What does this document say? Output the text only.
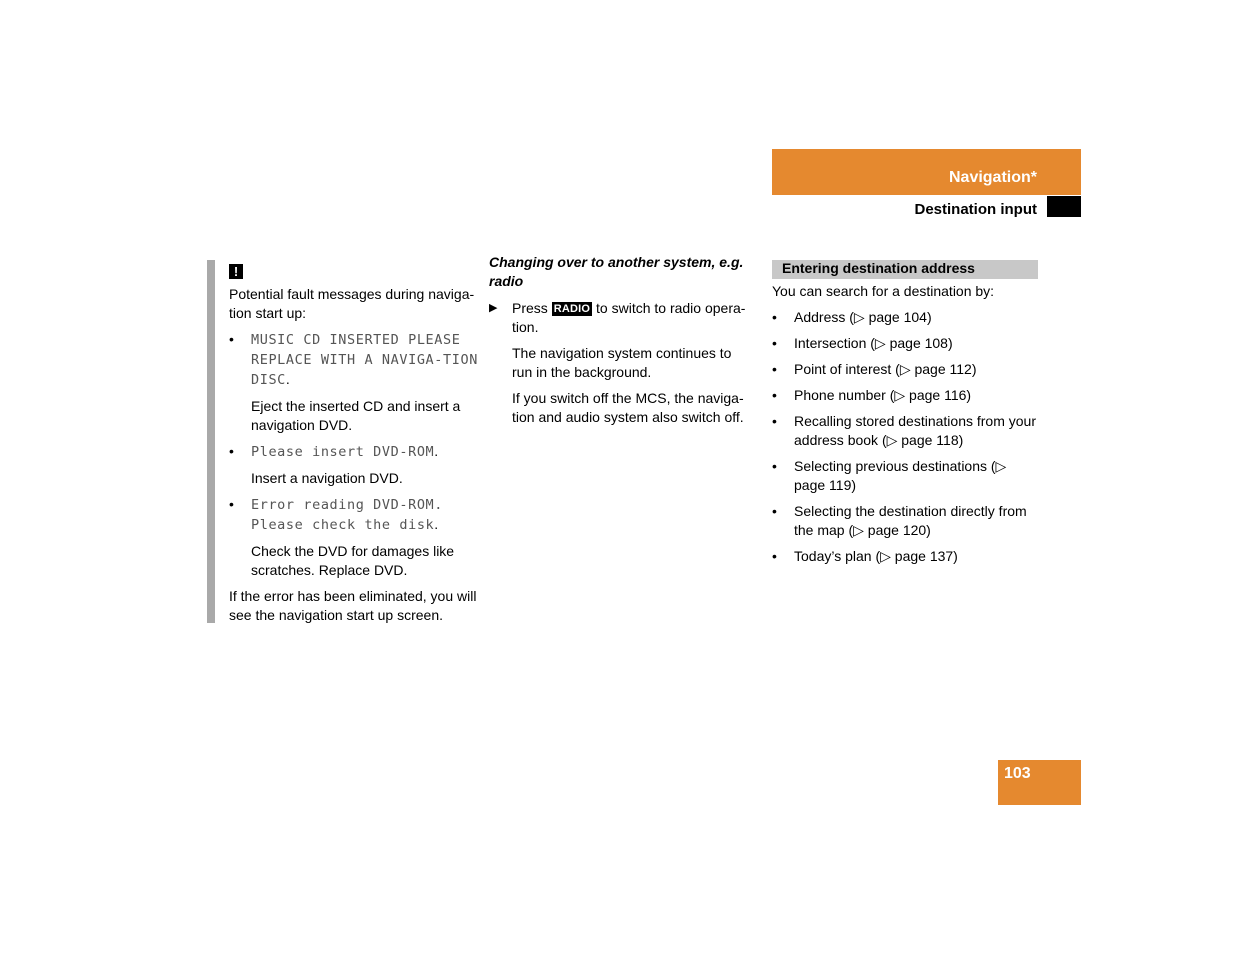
Navigation*
Destination input
!

Potential fault messages during naviga-tion start up:

• MUSIC CD INSERTED PLEASE REPLACE WITH A NAVIGA-TION DISC.

Eject the inserted CD and insert a navigation DVD.

• Please insert DVD-ROM.

Insert a navigation DVD.

• Error reading DVD-ROM. Please check the disk.

Check the DVD for damages like scratches. Replace DVD.

If the error has been eliminated, you will see the navigation start up screen.

Changing over to another system, e.g. radio

▶ Press RADIO to switch to radio opera-tion.

The navigation system continues to run in the background.

If you switch off the MCS, the naviga-tion and audio system also switch off.

Entering destination address

You can search for a destination by:

• Address (▷ page 104)
• Intersection (▷ page 108)
• Point of interest (▷ page 112)
• Phone number (▷ page 116)
• Recalling stored destinations from your address book (▷ page 118)
• Selecting previous destinations (▷ page 119)
• Selecting the destination directly from the map (▷ page 120)
• Today’s plan (▷ page 137)
103
